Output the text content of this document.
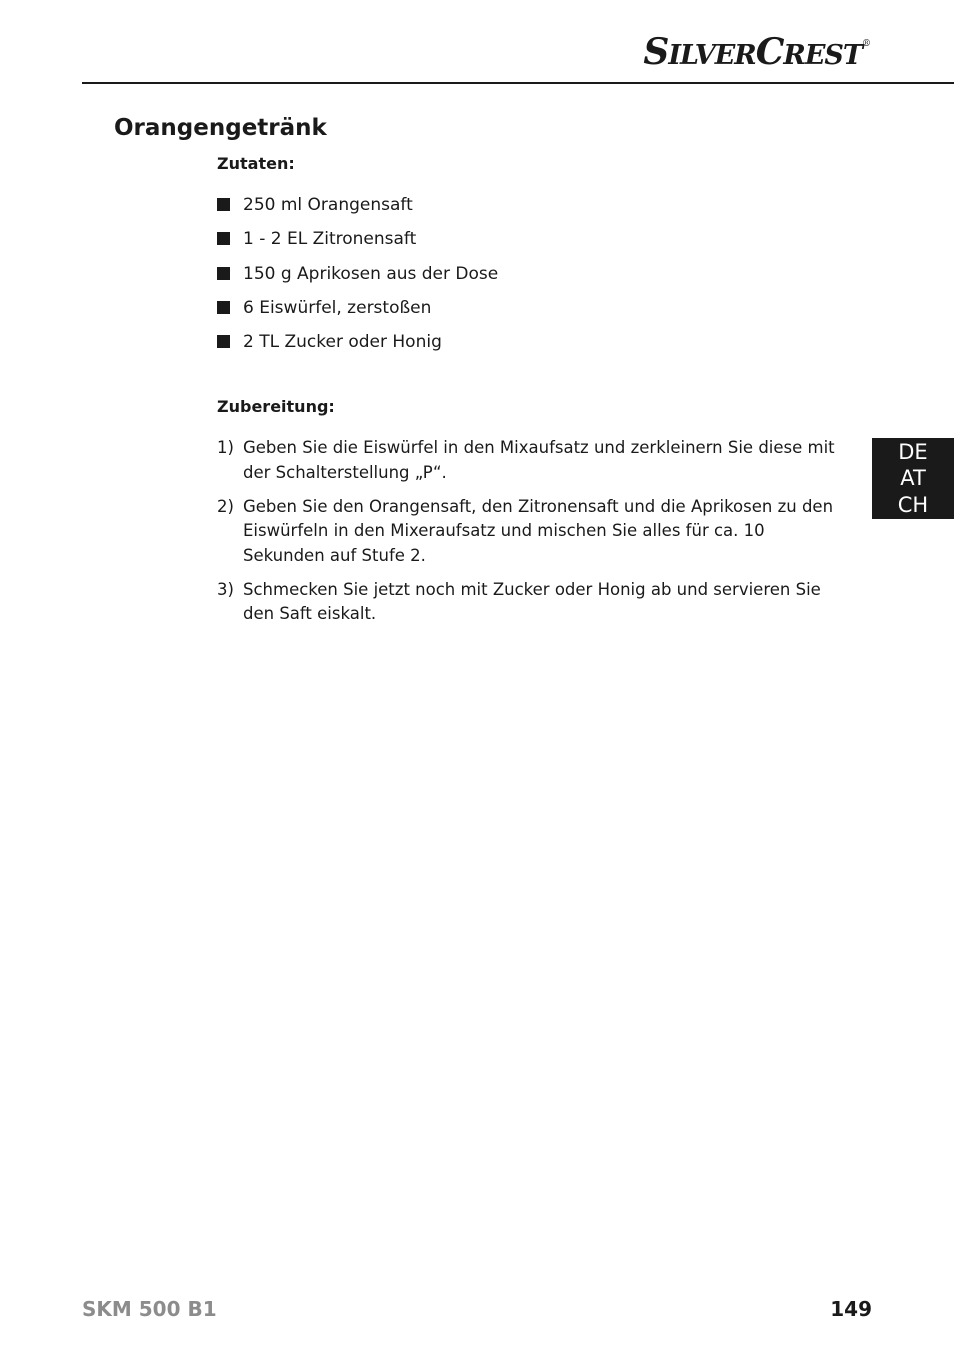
SILVERCREST ®
Orangengetränk

Zutaten:

250 ml Orangensaft
1 - 2 EL Zitronensaft
150 g Aprikosen aus der Dose
6 Eiswürfel, zerstoßen
2 TL Zucker oder Honig

Zubereitung:

1) Geben Sie die Eiswürfel in den Mixaufsatz und zerkleinern Sie diese mit der Schalterstellung „P“.
2) Geben Sie den Orangensaft, den Zitronensaft und die Aprikosen zu den Eiswürfeln in den Mixeraufsatz und mischen Sie alles für ca. 10 Sekunden auf Stufe 2.
3) Schmecken Sie jetzt noch mit Zucker oder Honig ab und servieren Sie den Saft eiskalt.
DE
AT
CH
SKM 500 B1	149
